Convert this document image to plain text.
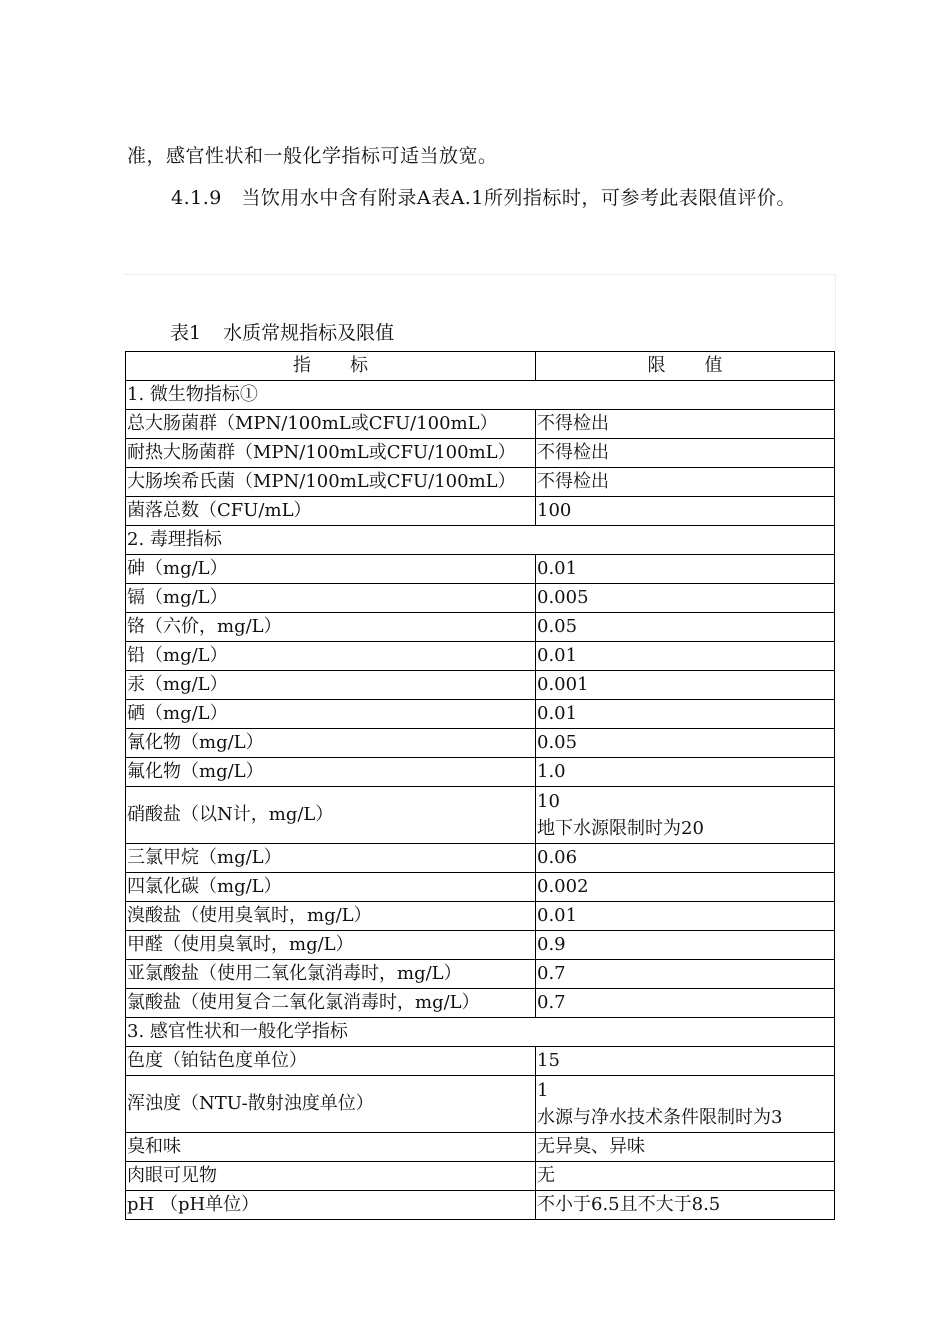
准，感官性状和一般化学指标可适当放宽。

4.1.9　当饮用水中含有附录A表A.1所列指标时，可参考此表限值评价。

表1 水质常规指标及限值
指　　标	限　　值
1. 微生物指标①	
总大肠菌群（MPN/100mL或CFU/100mL）	不得检出
耐热大肠菌群（MPN/100mL或CFU/100mL）	不得检出
大肠埃希氏菌（MPN/100mL或CFU/100mL）	不得检出
菌落总数（CFU/mL）	100
2. 毒理指标	
砷（mg/L）	0.01
镉（mg/L）	0.005
铬（六价，mg/L）	0.05
铅（mg/L）	0.01
汞（mg/L）	0.001
硒（mg/L）	0.01
氰化物（mg/L）	0.05
氟化物（mg/L）	1.0
硝酸盐（以N计，mg/L）	10
地下水源限制时为20

三氯甲烷（mg/L）	0.06
四氯化碳（mg/L）	0.002
溴酸盐（使用臭氧时，mg/L）	0.01
甲醛（使用臭氧时，mg/L）	0.9
亚氯酸盐（使用二氧化氯消毒时，mg/L）	0.7
氯酸盐（使用复合二氧化氯消毒时，mg/L）	0.7
3. 感官性状和一般化学指标	
色度（铂钴色度单位）	15
浑浊度（NTU-散射浊度单位）	1
水源与净水技术条件限制时为3

臭和味	无异臭、异味
肉眼可见物	无
pH （pH单位）	不小于6.5且不大于8.5
